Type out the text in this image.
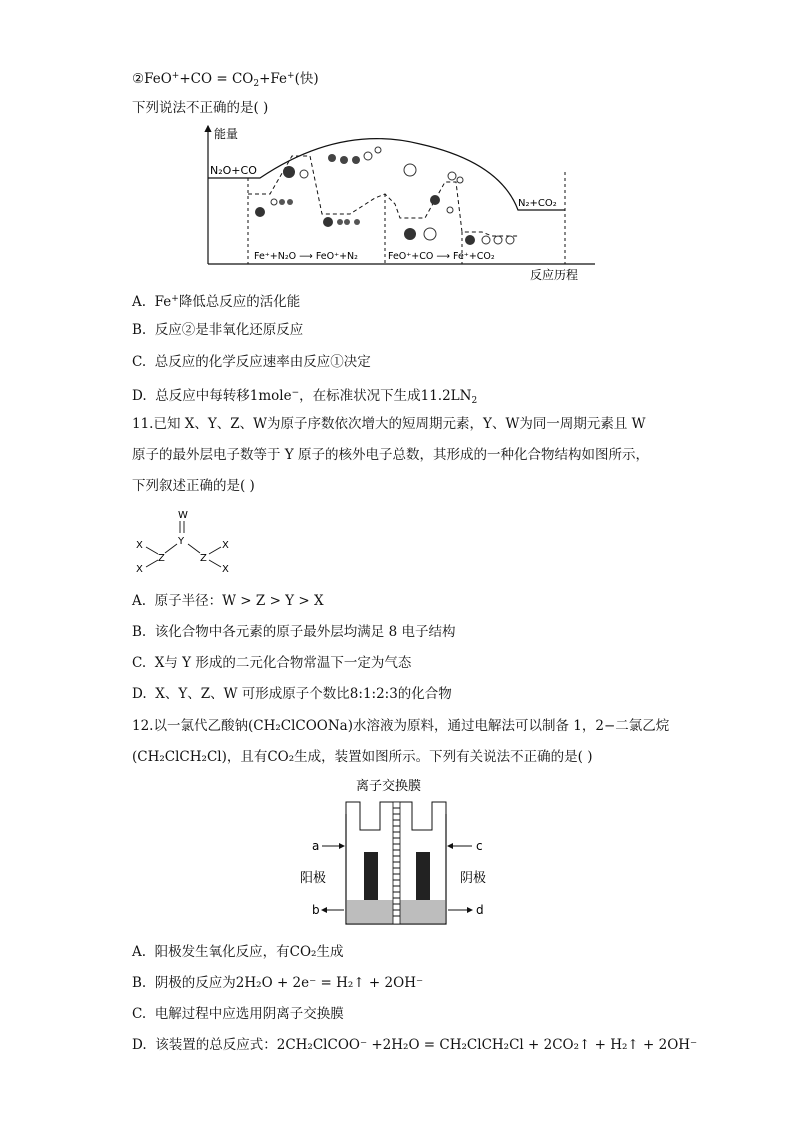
②FeO++CO = $CO_2+Fe^+$(快)
下列说法不正确的是( )
能量
N₂O+CO
N₂+CO₂
Fe⁺+N₂O ⟶ FeO⁺+N₂	FeO⁺+CO ⟶ Fe⁺+CO₂
反应历程
A. Fe+降低总反应的活化能
B. 反应②是非氧化还原反应
C. 总反应的化学反应速率由反应①决定
D. 总反应中每转移1mole−，在标准状况下生成$11.2LN_2$
11.已知 X、Y、Z、W为原子序数依次增大的短周期元素，Y、W为同一周期元素且 W
原子的最外层电子数等于 Y 原子的核外电子总数，其形成的一种化合物结构如图所示，
下列叙述正确的是( )
W
Y
Z	Z
X
X
X
X
A. 原子半径：W > Z > Y > X
B. 该化合物中各元素的原子最外层均满足 8 电子结构
C. X与 Y 形成的二元化合物常温下一定为气态
D. X、Y、Z、W 可形成原子个数比8:1:2:3的化合物
12.以一氯代乙酸钠(CH₂ClCOONa)水溶液为原料，通过电解法可以制备 1，2−二氯乙烷
(CH₂ClCH₂Cl)，且有CO₂生成，装置如图所示。下列有关说法不正确的是( )
离子交换膜
a
b
c
d
阳极	阴极
A. 阳极发生氧化反应，有CO₂生成
B. 阴极的反应为2H₂O + 2e⁻ = H₂↑ + 2OH⁻
C. 电解过程中应选用阴离子交换膜
D. 该装置的总反应式：2CH₂ClCOO⁻ +2H₂O = CH₂ClCH₂Cl + 2CO₂↑ + H₂↑ + 2OH⁻
